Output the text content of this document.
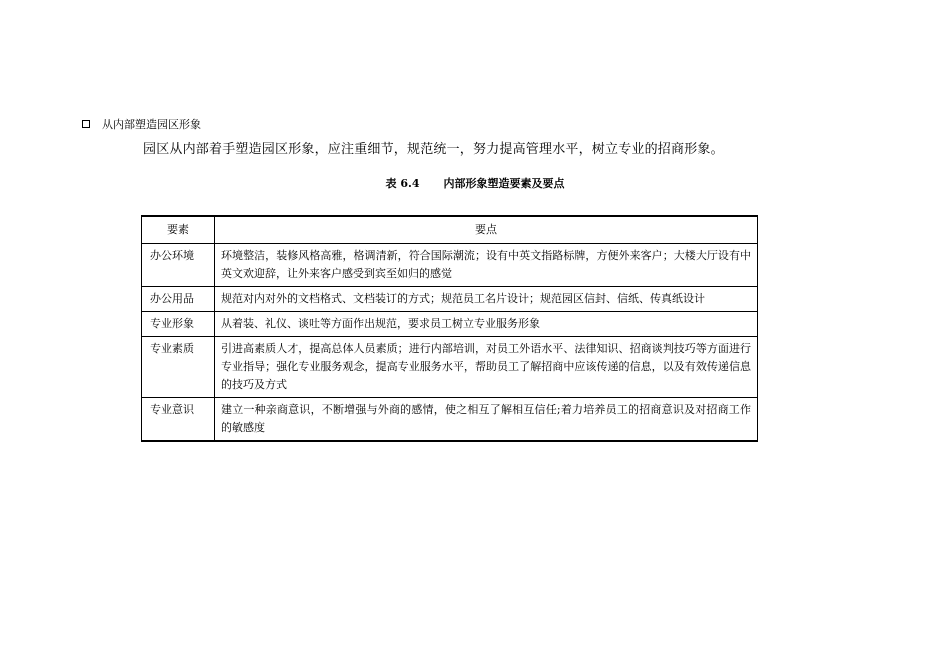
从内部塑造园区形象
园区从内部着手塑造园区形象，应注重细节，规范统一，努力提高管理水平，树立专业的招商形象。
表 6.4 内部形象塑造要素及要点
要素	要点
办公环境	环境整洁，装修风格高雅，格调清新，符合国际潮流；设有中英文指路标牌，方便外来客户；大楼大厅设有中英文欢迎辞，让外来客户感受到宾至如归的感觉
办公用品	规范对内对外的文档格式、文档装订的方式；规范员工名片设计；规范园区信封、信纸、传真纸设计
专业形象	从着装、礼仪、谈吐等方面作出规范，要求员工树立专业服务形象
专业素质	引进高素质人才，提高总体人员素质；进行内部培训，对员工外语水平、法律知识、招商谈判技巧等方面进行专业指导；强化专业服务观念，提高专业服务水平，帮助员工了解招商中应该传递的信息，以及有效传递信息的技巧及方式
专业意识	建立一种亲商意识，不断增强与外商的感情，使之相互了解相互信任;着力培养员工的招商意识及对招商工作的敏感度
